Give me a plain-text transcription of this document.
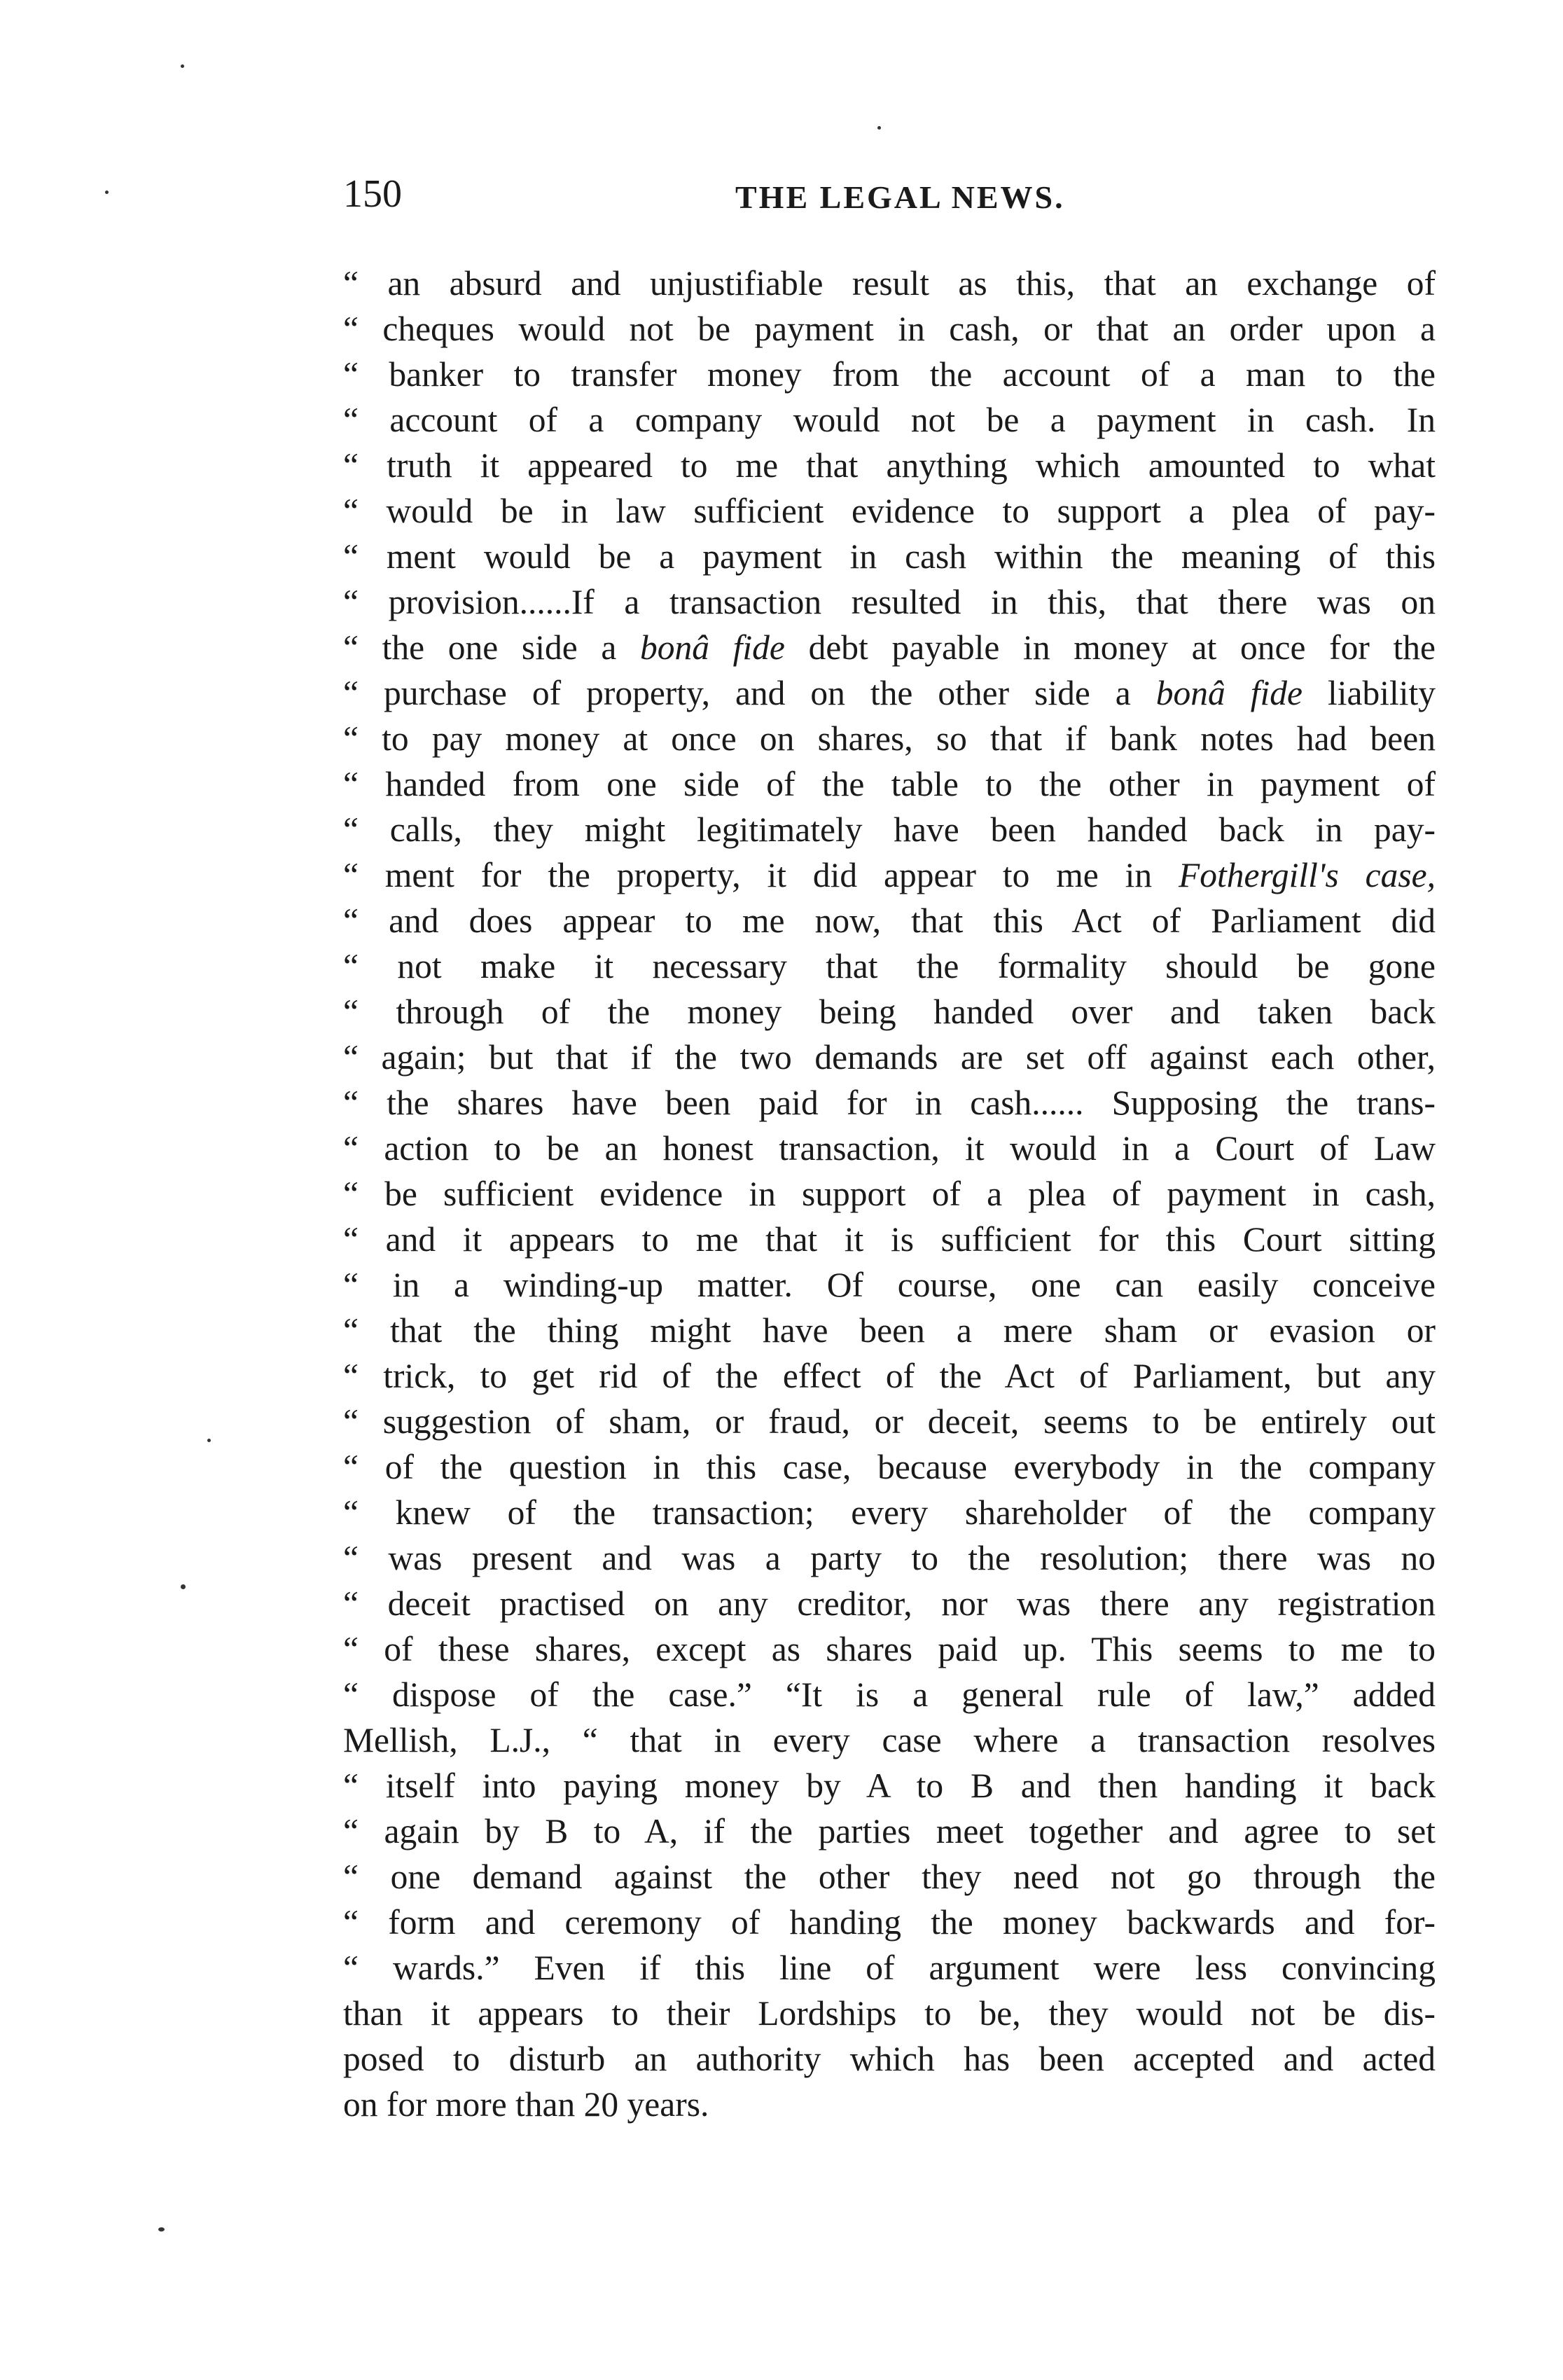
150	THE LEGAL NEWS.
“ an absurd and unjustifiable result as this, that an exchange of
“ cheques would not be payment in cash, or that an order upon a
“ banker to transfer money from the account of a man to the
“ account of a company would not be a payment in cash. In
“ truth it appeared to me that anything which amounted to what
“ would be in law sufficient evidence to support a plea of pay-
“ ment would be a payment in cash within the meaning of this
“ provision......If a transaction resulted in this, that there was on
“ the one side a bonâ fide debt payable in money at once for the
“ purchase of property, and on the other side a bonâ fide liability
“ to pay money at once on shares, so that if bank notes had been
“ handed from one side of the table to the other in payment of
“ calls, they might legitimately have been handed back in pay-
“ ment for the property, it did appear to me in Fothergill's case,
“ and does appear to me now, that this Act of Parliament did
“ not make it necessary that the formality should be gone
“ through of the money being handed over and taken back
“ again; but that if the two demands are set off against each other,
“ the shares have been paid for in cash...... Supposing the trans-
“ action to be an honest transaction, it would in a Court of Law
“ be sufficient evidence in support of a plea of payment in cash,
“ and it appears to me that it is sufficient for this Court sitting
“ in a winding-up matter. Of course, one can easily conceive
“ that the thing might have been a mere sham or evasion or
“ trick, to get rid of the effect of the Act of Parliament, but any
“ suggestion of sham, or fraud, or deceit, seems to be entirely out
“ of the question in this case, because everybody in the company
“ knew of the transaction; every shareholder of the company
“ was present and was a party to the resolution; there was no
“ deceit practised on any creditor, nor was there any registration
“ of these shares, except as shares paid up. This seems to me to
“ dispose of the case.” “It is a general rule of law,” added
Mellish, L.J., “ that in every case where a transaction resolves
“ itself into paying money by A to B and then handing it back
“ again by B to A, if the parties meet together and agree to set
“ one demand against the other they need not go through the
“ form and ceremony of handing the money backwards and for-
“ wards.” Even if this line of argument were less convincing
than it appears to their Lordships to be, they would not be dis-
posed to disturb an authority which has been accepted and acted
on for more than 20 years.
